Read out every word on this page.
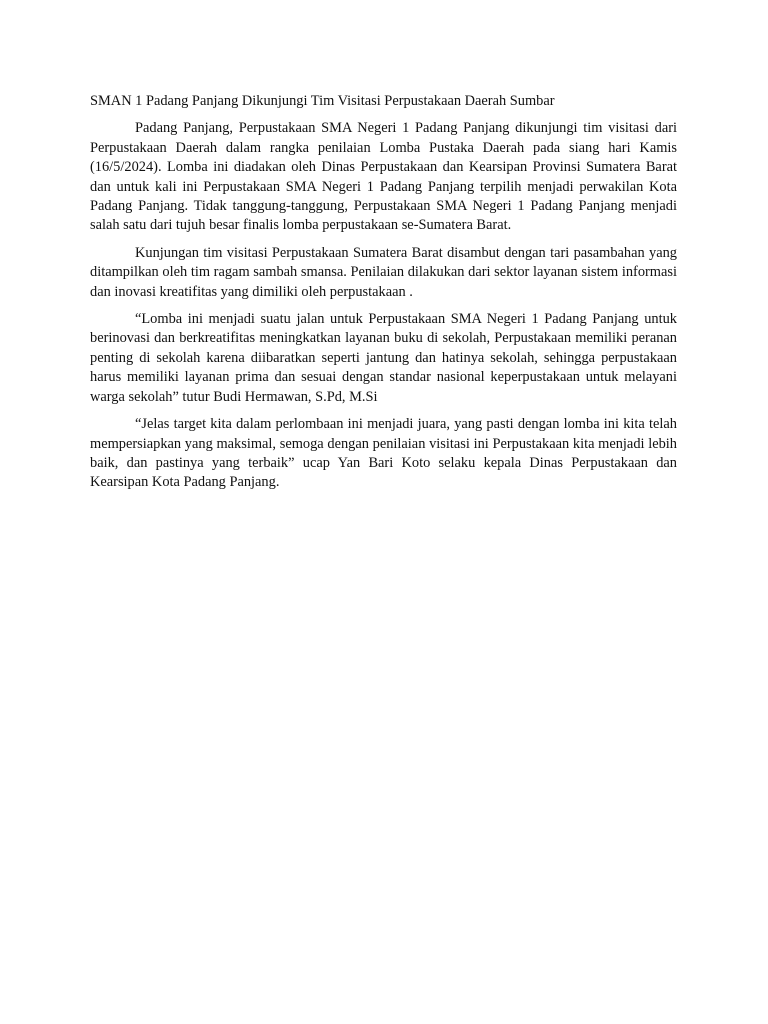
SMAN 1 Padang Panjang Dikunjungi Tim Visitasi Perpustakaan Daerah Sumbar

Padang Panjang, Perpustakaan SMA Negeri 1 Padang Panjang dikunjungi tim visitasi dari Perpustakaan Daerah dalam rangka penilaian Lomba Pustaka Daerah pada siang hari Kamis (16/5/2024). Lomba ini diadakan oleh Dinas Perpustakaan dan Kearsipan Provinsi Sumatera Barat dan untuk kali ini Perpustakaan SMA Negeri 1 Padang Panjang terpilih menjadi perwakilan Kota Padang Panjang. Tidak tanggung-tanggung, Perpustakaan SMA Negeri 1 Padang Panjang menjadi salah satu dari tujuh besar finalis lomba perpustakaan se-Sumatera Barat.

Kunjungan tim visitasi Perpustakaan Sumatera Barat disambut dengan tari pasambahan yang ditampilkan oleh tim ragam sambah smansa. Penilaian dilakukan dari sektor layanan sistem informasi dan inovasi kreatifitas yang dimiliki oleh perpustakaan .

“Lomba ini menjadi suatu jalan untuk Perpustakaan SMA Negeri 1 Padang Panjang untuk berinovasi dan berkreatifitas meningkatkan layanan buku di sekolah, Perpustakaan memiliki peranan penting di sekolah karena diibaratkan seperti jantung dan hatinya sekolah, sehingga perpustakaan harus memiliki layanan prima dan sesuai dengan standar nasional keperpustakaan untuk melayani warga sekolah” tutur Budi Hermawan, S.Pd, M.Si

“Jelas target kita dalam perlombaan ini menjadi juara, yang pasti dengan lomba ini kita telah mempersiapkan yang maksimal, semoga dengan penilaian visitasi ini Perpustakaan kita menjadi lebih baik, dan pastinya yang terbaik” ucap Yan Bari Koto selaku kepala Dinas Perpustakaan dan Kearsipan Kota Padang Panjang.
